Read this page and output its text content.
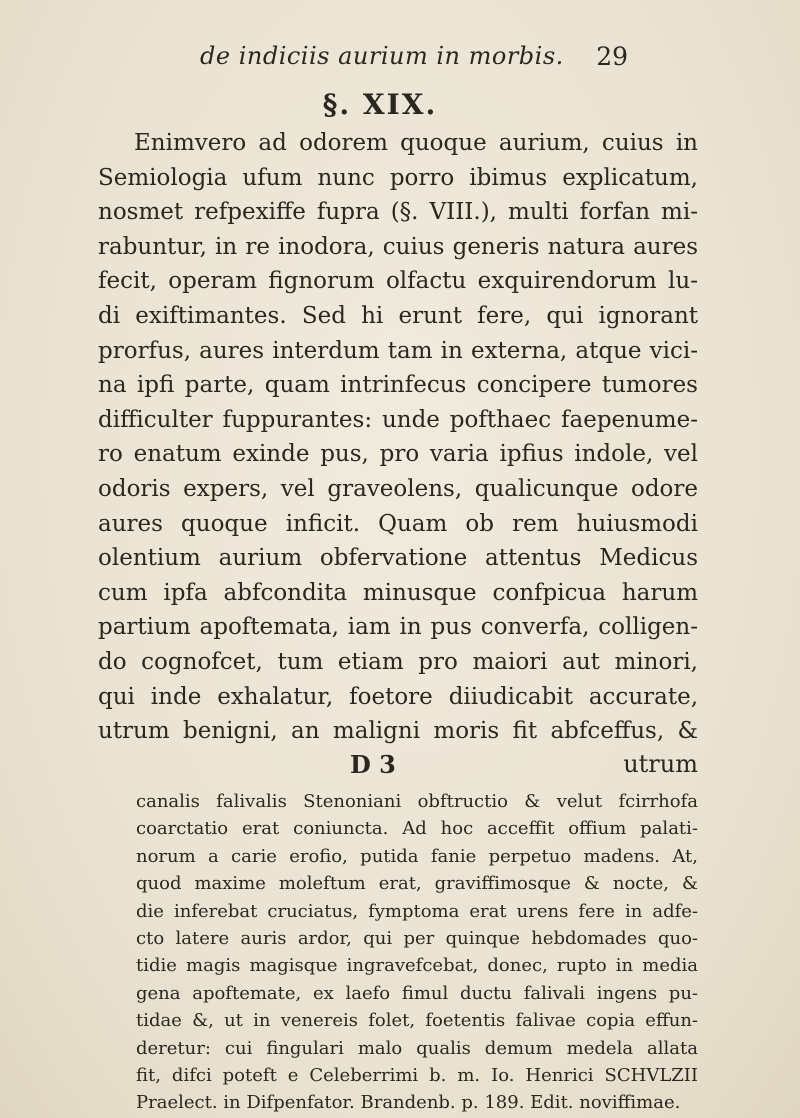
de indiciis aurium in morbis.	29
§. XIX.
Enimvero ad odorem quoque aurium, cuius in
Semiologia ufum nunc porro ibimus explicatum,
nosmet refpexiffe fupra (§. VIII.), multi forfan mi-
rabuntur, in re inodora, cuius generis natura aures
fecit, operam fignorum olfactu exquirendorum lu-
di exiftimantes. Sed hi erunt fere, qui ignorant
prorfus, aures interdum tam in externa, atque vici-
na ipfi parte, quam intrinfecus concipere tumores
difficulter fuppurantes: unde pofthaec faepenume-
ro enatum exinde pus, pro varia ipfius indole, vel
odoris expers, vel graveolens, qualicunque odore
aures quoque inficit. Quam ob rem huiusmodi
olentium aurium obfervatione attentus Medicus
cum ipfa abfcondita minusque confpicua harum
partium apoftemata, iam in pus converfa, colligen-
do cognofcet, tum etiam pro maiori aut minori,
qui inde exhalatur, foetore diiudicabit accurate,
utrum benigni, an maligni moris fit abfceffus, &
D 3	utrum
canalis falivalis Stenoniani obftructio & velut fcirrhofa
coarctatio erat coniuncta. Ad hoc acceffit offium palati-
norum a carie erofio, putida fanie perpetuo madens. At,
quod maxime moleftum erat, graviffimosque & nocte, &
die inferebat cruciatus, fymptoma erat urens fere in adfe-
cto latere auris ardor, qui per quinque hebdomades quo-
tidie magis magisque ingravefcebat, donec, rupto in media
gena apoftemate, ex laefo fimul ductu falivali ingens pu-
tidae &, ut in venereis folet, foetentis falivae copia effun-
deretur: cui fingulari malo qualis demum medela allata
fit, difci poteft e Celeberrimi b. m. Io. Henrici SCHVLZII
Praelect. in Difpenfator. Brandenb. p. 189. Edit. noviffimae.
